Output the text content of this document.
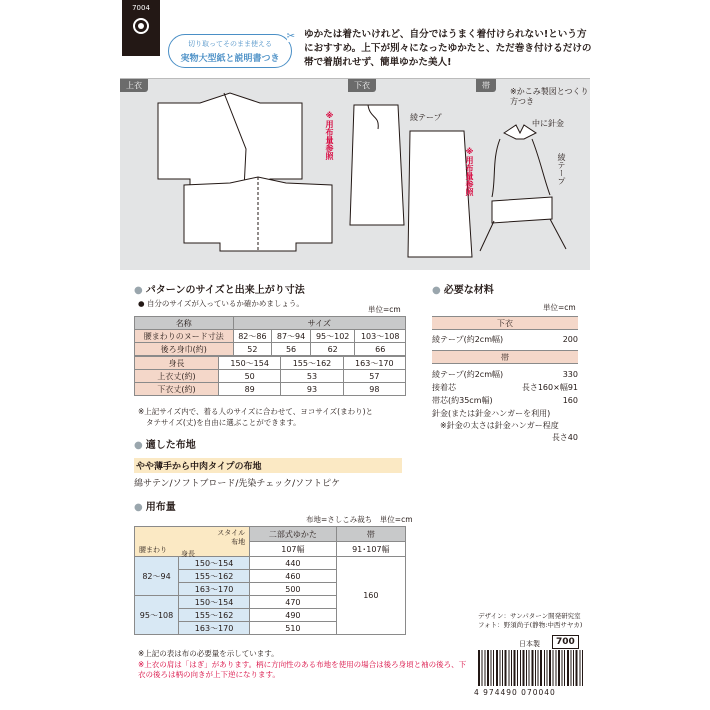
7004
✂
切り取ってそのまま使える
実物大型紙と説明書つき
ゆかたは着たいけれど、自分ではうまく着付けられない!という方におすすめ。上下が別々になったゆかたと、ただ巻き付けるだけの帯で着崩れせず、簡単ゆかた美人!
上衣	下衣	帯
※かこみ製図とつくり方つき
綾テープ
中に針金
綾テープ
※用布量参照
※用布量参照
● パターンのサイズと出来上がり寸法
● 自分のサイズが入っているか確かめましょう。
単位=cm
名称	サイズ			
腰まわりのヌード寸法	82～86	87～94	95～102	103～108
後ろ身巾(約)	52	56	62	66
身長	150～154	155～162	163～170
上衣丈(約)	50	53	57
下衣丈(約)	89	93	98
※上記サイズ内で、着る人のサイズに合わせて、ヨコサイズ(まわり)と
タテサイズ(丈)を自由に選ぶことができます。
● 適した布地
やや薄手から中肉タイプの布地
綿サテン/ソフトブロード/先染チェック/ソフトピケ
● 用布量
布地=さしこみ裁ち　単位=cm
スタイル
布地
腰まわり 身長		二部式ゆかた	帯
		107幅	91･107幅
82～94	150～154	440	160
	155～162	460	
	163～170	500	
95～108	150～154	470	
	155～162	490	
	163～170	510	
※上記の表は布の必要量を示しています。
※上衣の肩は「はぎ」があります。柄に方向性のある布地を使用の場合は後ろ身頃と袖の後ろ、下衣の後ろは柄の向きが上下逆になります。
● 必要な材料
単位=cm
下衣
綾テープ(約2cm幅)	200
帯
綾テープ(約2cm幅)	330
接着芯	長さ160×幅91
帯芯(約35cm幅)	160
針金(または針金ハンガーを利用)
※針金の太さは針金ハンガー程度
長さ40
デザイン：サンパターン開発研究室
フォト：野須尚子(静物:中西サヤカ)
日本製	700
4 974490 070040
